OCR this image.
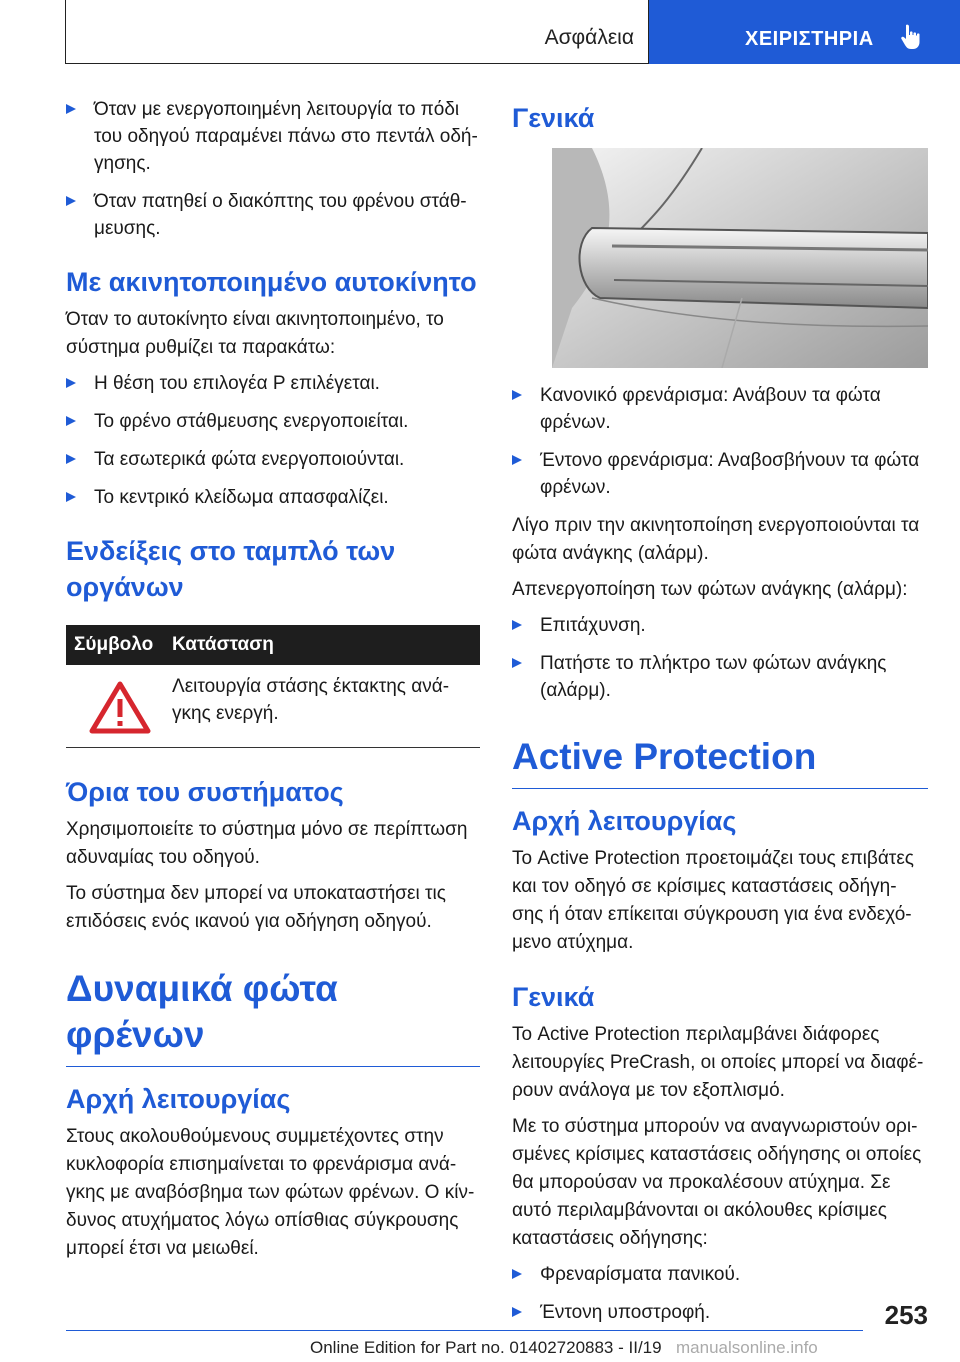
Ασφάλεια	ΧΕΙΡΙΣΤΗΡΙΑ
Όταν με ενεργοποιημένη λειτουργία το πόδι του οδηγού παραμένει πάνω στο πεντάλ οδή-γησης.
Όταν πατηθεί ο διακόπτης του φρένου στάθ-μευσης.
Με ακινητοποιημένο αυτοκίνητο

Όταν το αυτοκίνητο είναι ακινητοποιημένο, το σύστημα ρυθμίζει τα παρακάτω:

Η θέση του επιλογέα P επιλέγεται.
Το φρένο στάθμευσης ενεργοποιείται.
Τα εσωτερικά φώτα ενεργοποιούνται.
Το κεντρικό κλείδωμα απασφαλίζει.
Ενδείξεις στο ταμπλό των οργάνων
Σύμβολο	Κατάσταση

	Λειτουργία στάσης έκτακτης ανά-γκης ενεργή.
Όρια του συστήματος

Χρησιμοποιείτε το σύστημα μόνο σε περίπτωση αδυναμίας του οδηγού.

Το σύστημα δεν μπορεί να υποκαταστήσει τις επιδόσεις ενός ικανού για οδήγηση οδηγού.

Δυναμικά φώτα φρένων
Αρχή λειτουργίας

Στους ακολουθούμενους συμμετέχοντες στην κυκλοφορία επισημαίνεται το φρενάρισμα ανά-γκης με αναβόσβημα των φώτων φρένων. Ο κίν-δυνος ατυχήματος λόγω οπίσθιας σύγκρουσης μπορεί έτσι να μειωθεί.

Γενικά
Κανονικό φρενάρισμα: Ανάβουν τα φώτα φρένων.
Έντονο φρενάρισμα: Αναβοσβήνουν τα φώτα φρένων.

Λίγο πριν την ακινητοποίηση ενεργοποιούνται τα φώτα ανάγκης (αλάρμ).

Απενεργοποίηση των φώτων ανάγκης (αλάρμ):

Επιτάχυνση.
Πατήστε το πλήκτρο των φώτων ανάγκης (αλάρμ).
Active Protection
Αρχή λειτουργίας

Το Active Protection προετοιμάζει τους επιβάτες και τον οδηγό σε κρίσιμες καταστάσεις οδήγη-σης ή όταν επίκειται σύγκρουση για ένα ενδεχό-μενο ατύχημα.

Γενικά

Το Active Protection περιλαμβάνει διάφορες λειτουργίες PreCrash, οι οποίες μπορεί να διαφέ-ρουν ανάλογα με τον εξοπλισμό.

Με το σύστημα μπορούν να αναγνωριστούν ορι-σμένες κρίσιμες καταστάσεις οδήγησης οι οποίες θα μπορούσαν να προκαλέσουν ατύχημα. Σε αυτό περιλαμβάνονται οι ακόλουθες κρίσιμες καταστάσεις οδήγησης:

Φρεναρίσματα πανικού.
Έντονη υποστροφή.	253
Online Edition for Part no. 01402720883 - II/19 manualsonline.info
